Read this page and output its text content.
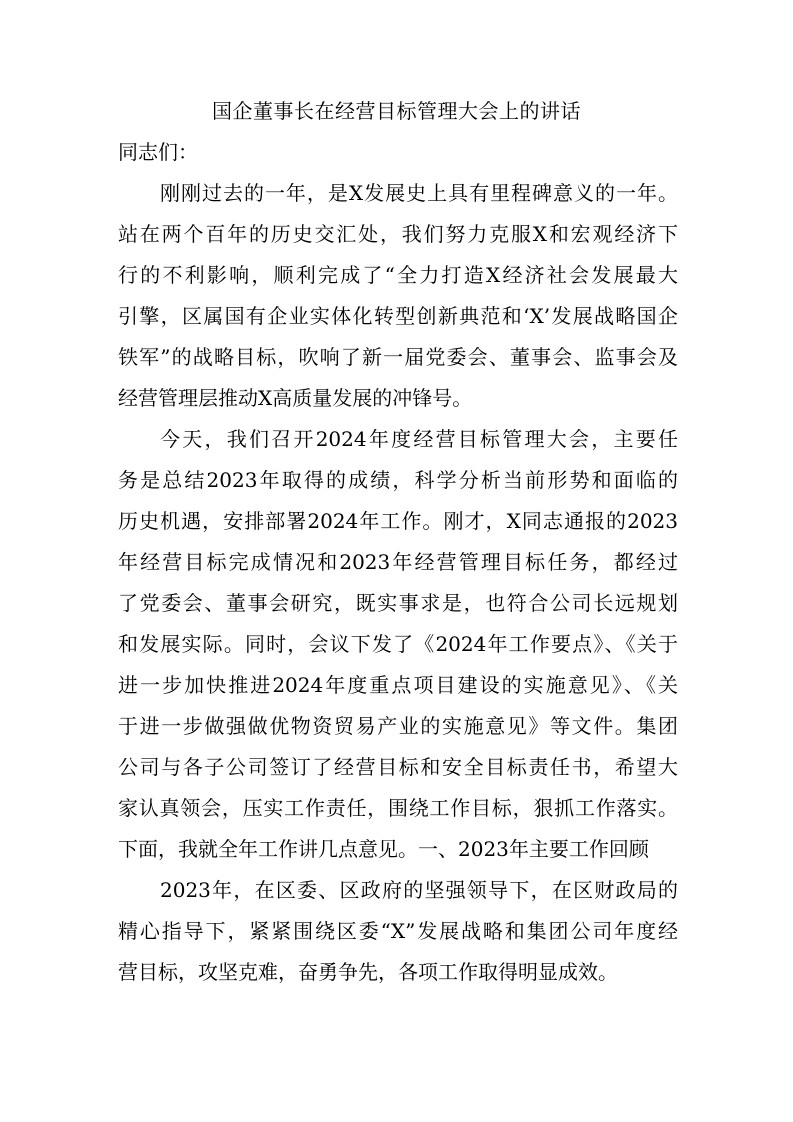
国企董事长在经营目标管理大会上的讲话
同志们：
刚刚过去的一年，是X发展史上具有里程碑意义的一年。
站在两个百年的历史交汇处，我们努力克服X和宏观经济下
行的不利影响，顺利完成了“全力打造X经济社会发展最大
引擎，区属国有企业实体化转型创新典范和‘X’发展战略国企
铁军”的战略目标，吹响了新一届党委会、董事会、监事会及
经营管理层推动X高质量发展的冲锋号。
今天，我们召开2024年度经营目标管理大会，主要任
务是总结2023年取得的成绩，科学分析当前形势和面临的
历史机遇，安排部署2024年工作。刚才，X同志通报的2023
年经营目标完成情况和2023年经营管理目标任务，都经过
了党委会、董事会研究，既实事求是，也符合公司长远规划
和发展实际。同时，会议下发了《2024年工作要点》、《关于
进一步加快推进2024年度重点项目建设的实施意见》、《关
于进一步做强做优物资贸易产业的实施意见》等文件。集团
公司与各子公司签订了经营目标和安全目标责任书，希望大
家认真领会，压实工作责任，围绕工作目标，狠抓工作落实。
下面，我就全年工作讲几点意见。一、2023年主要工作回顾
2023年，在区委、区政府的坚强领导下，在区财政局的
精心指导下，紧紧围绕区委“X”发展战略和集团公司年度经
营目标，攻坚克难，奋勇争先，各项工作取得明显成效。
